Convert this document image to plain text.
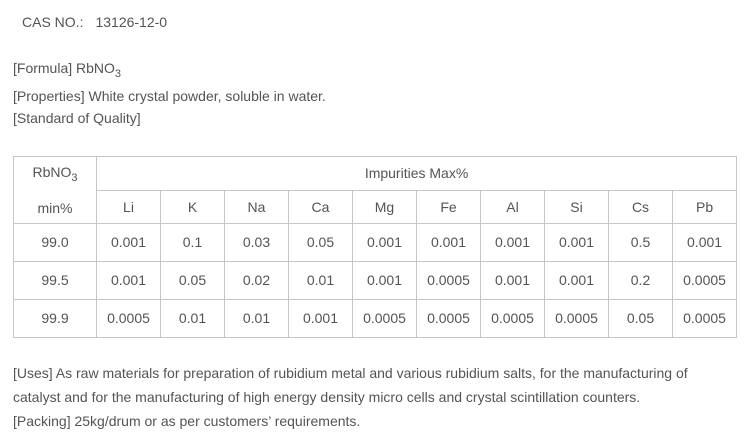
CAS NO.: 13126-12-0
[Formula] RbNO$_3$
[Properties] White crystal powder, soluble in water.
[Standard of Quality]
RbNO$_3$
min%	Impurities Max%									
	Li	K	Na	Ca	Mg	Fe	Al	Si	Cs	Pb
99.0	0.001	0.1	0.03	0.05	0.001	0.001	0.001	0.001	0.5	0.001
99.5	0.001	0.05	0.02	0.01	0.001	0.0005	0.001	0.001	0.2	0.0005
99.9	0.0005	0.01	0.01	0.001	0.0005	0.0005	0.0005	0.0005	0.05	0.0005
[Uses] As raw materials for preparation of rubidium metal and various rubidium salts, for the manufacturing of
catalyst and for the manufacturing of high energy density micro cells and crystal scintillation counters.
[Packing] 25kg/drum or as per customers’ requirements.
